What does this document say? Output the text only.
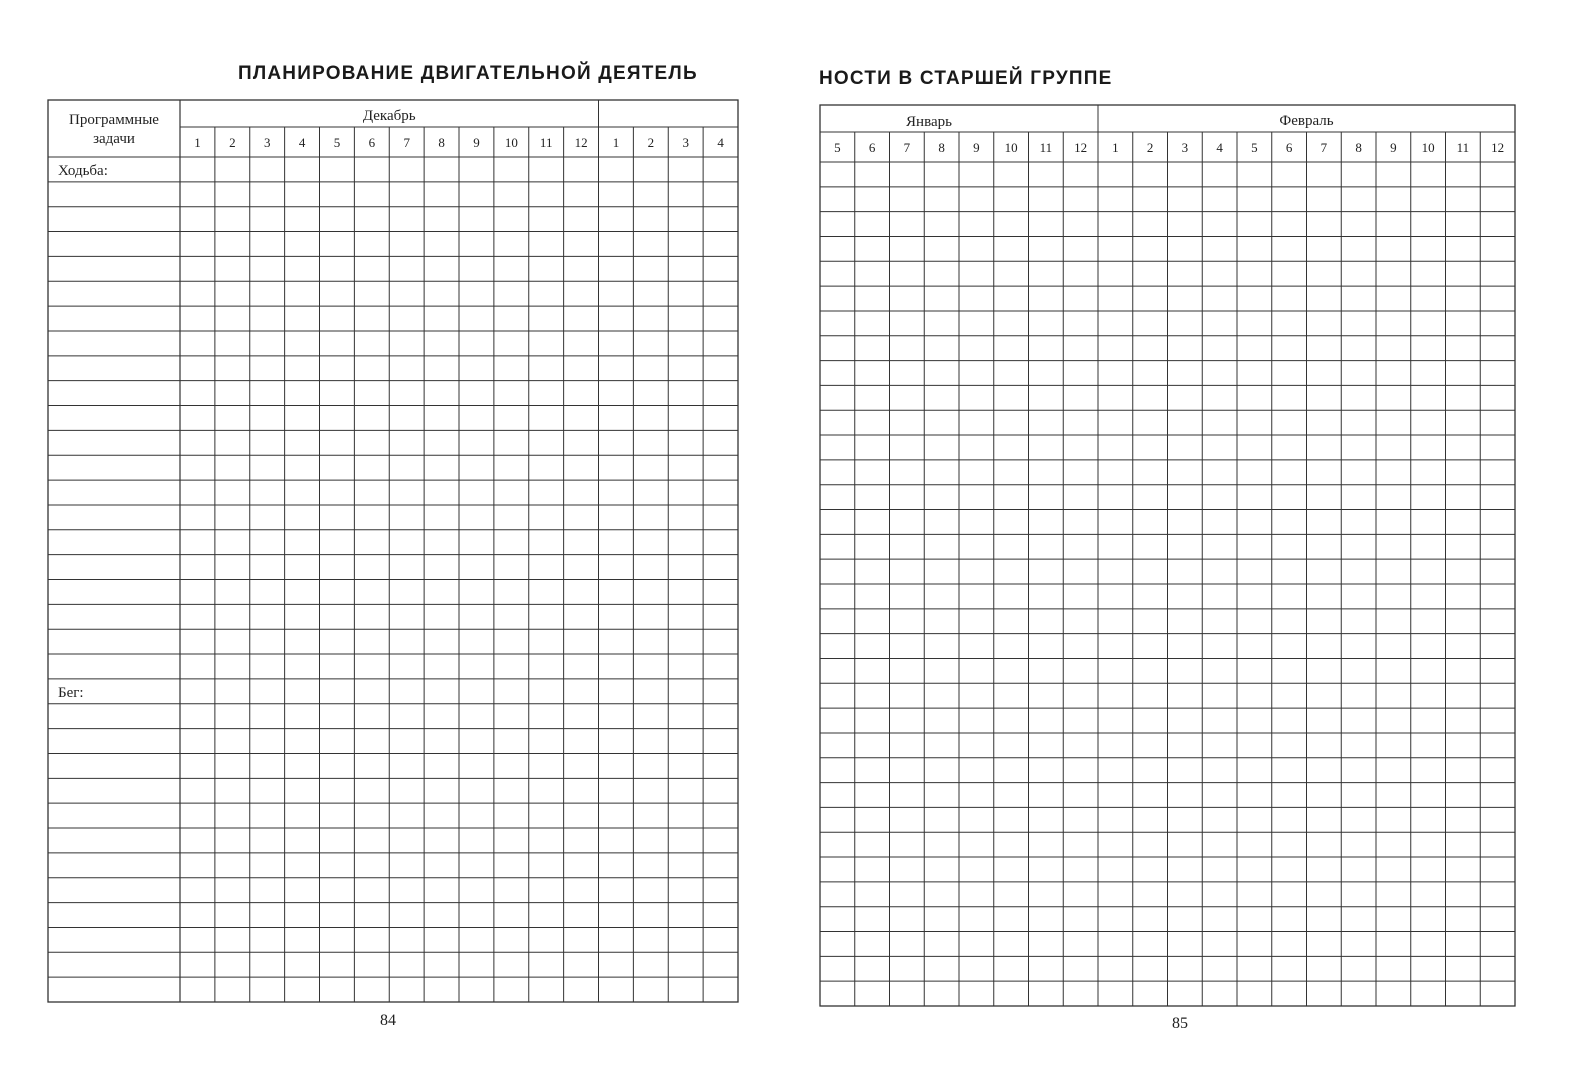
ПЛАНИРОВАНИЕ ДВИГАТЕЛЬНОЙ ДЕЯТЕЛЬ
Программные
задачи
Декабрь
1 2 3 4 5 6 7 8 9 10 11 12 1 2 3 4
Ходьба:
Бег:
84
НОСТИ В СТАРШЕЙ ГРУППЕ
Январь	Февраль
5 6 7 8 9 10 11 12 1 2 3 4 5 6 7 8 9 10 11 12
85
